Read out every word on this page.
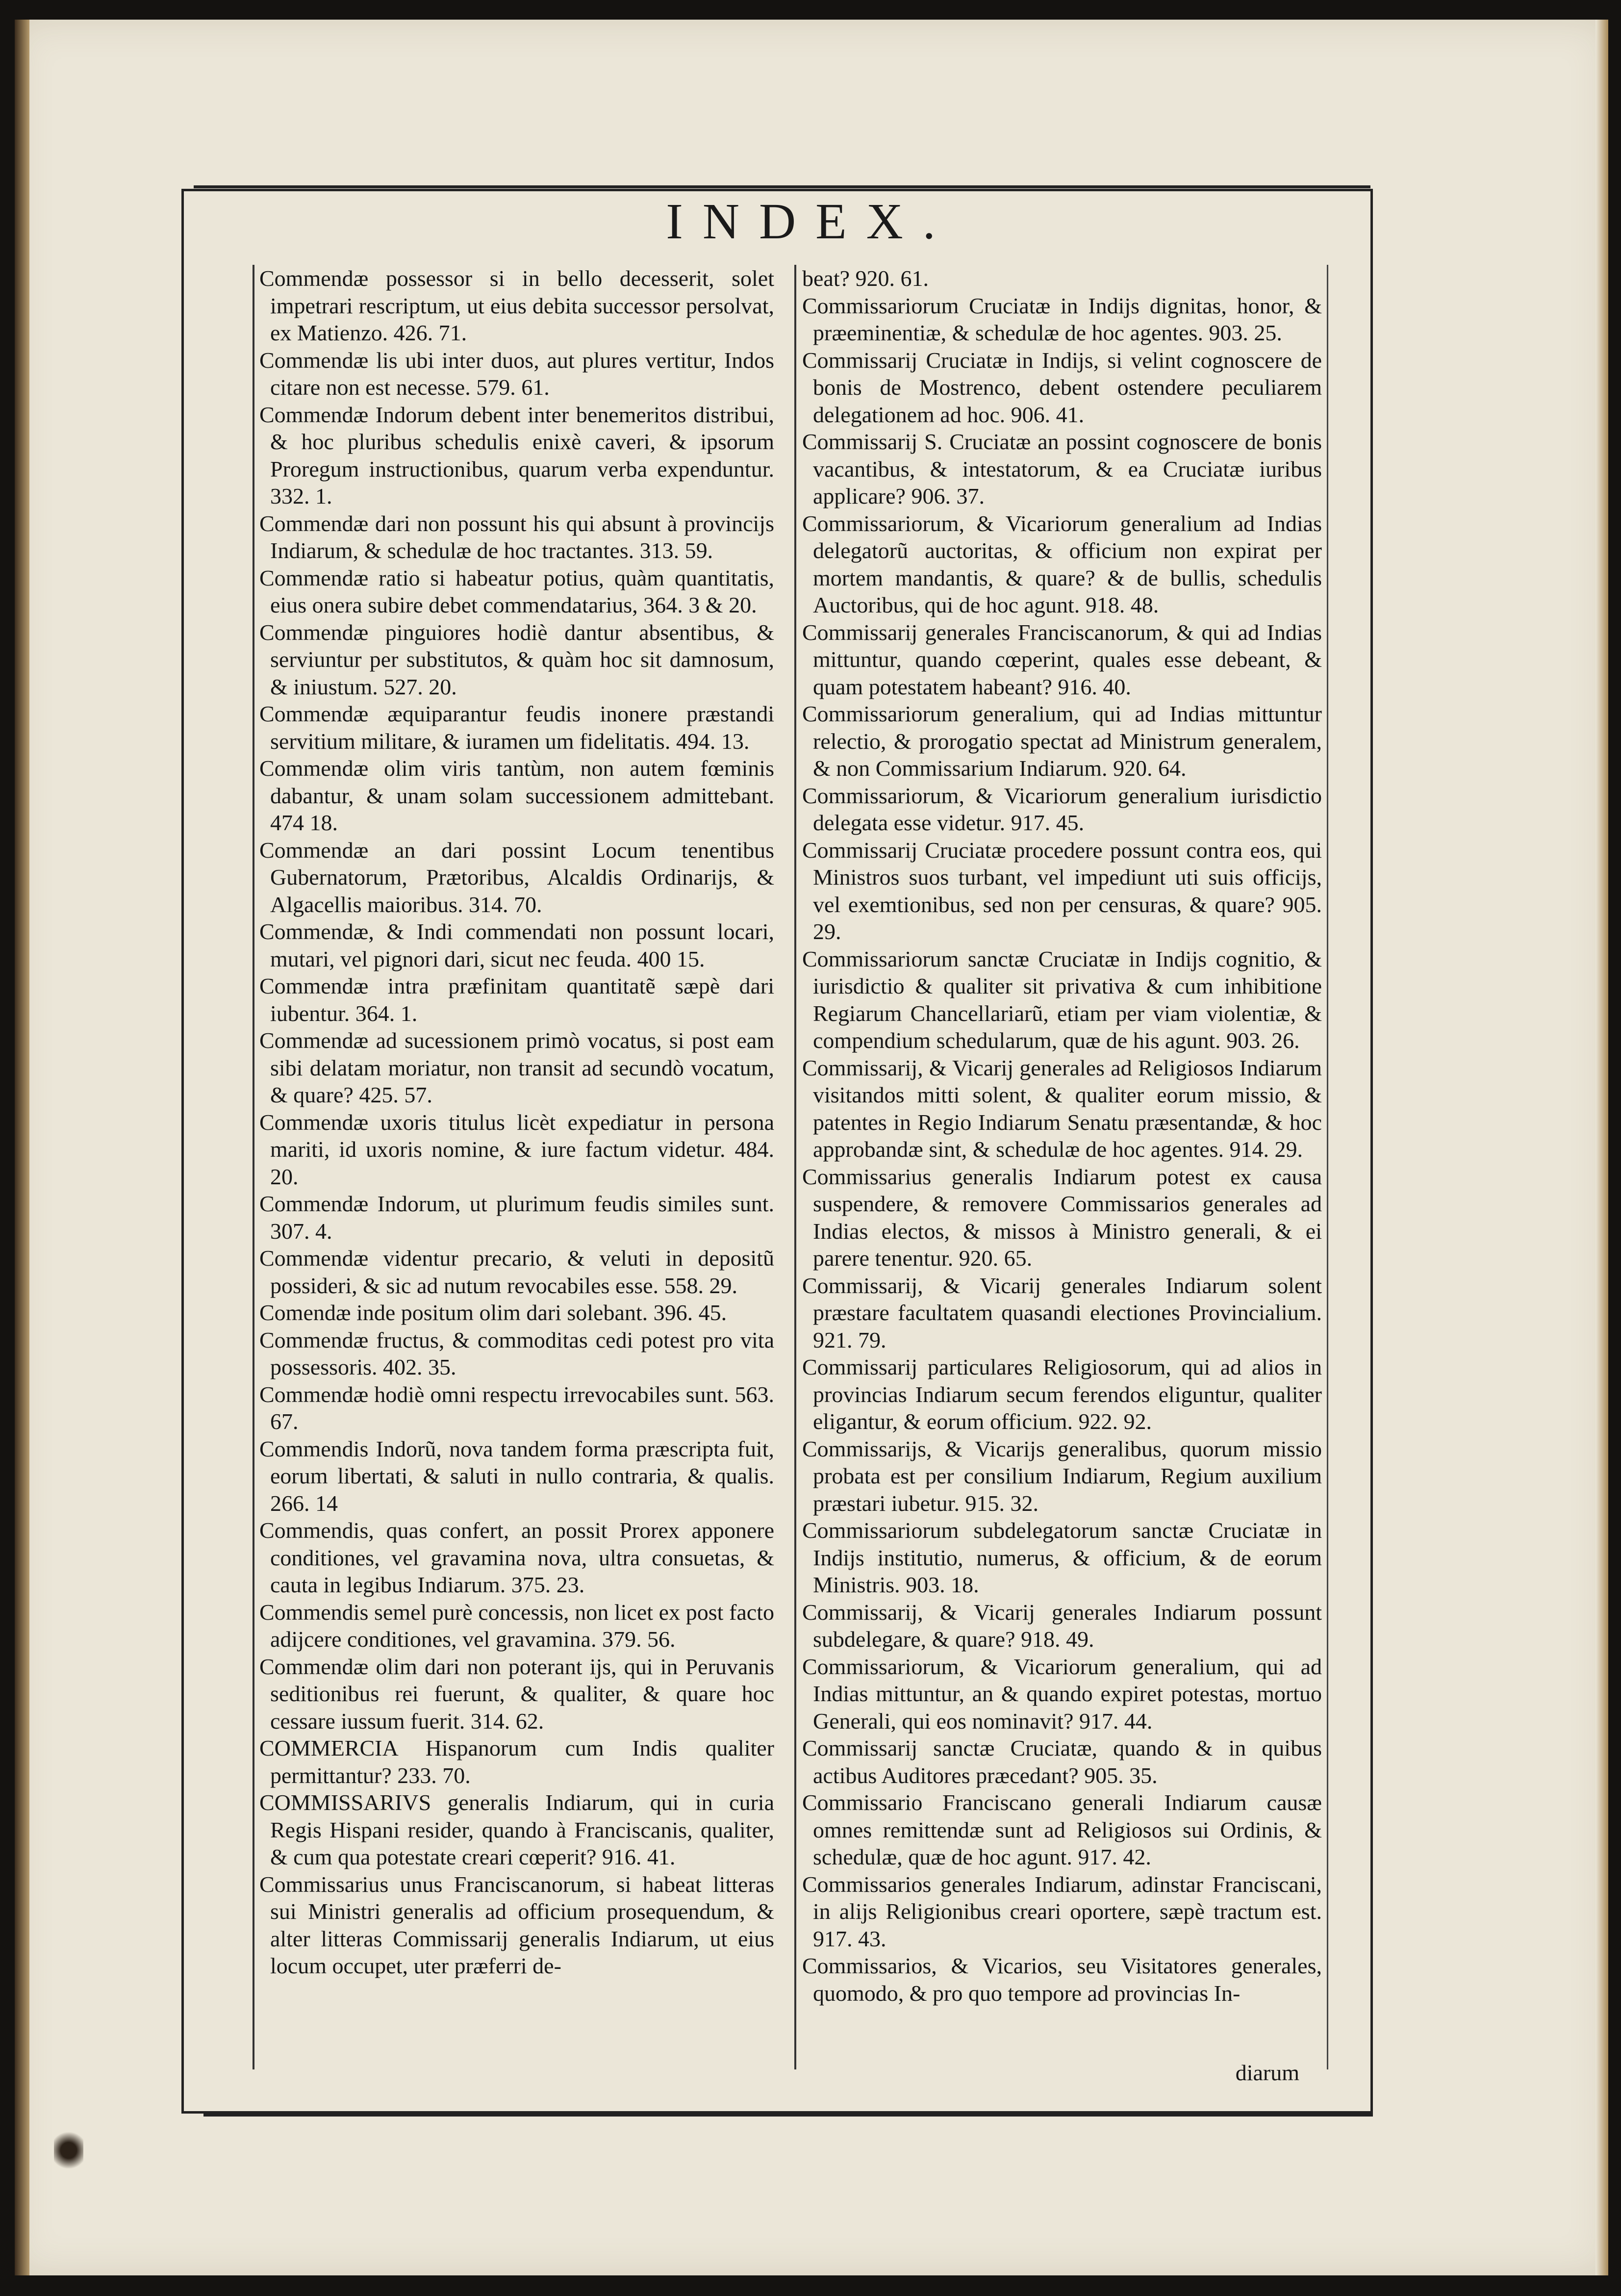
INDEX.

Commendæ possessor si in bello decesserit, solet impetrari rescriptum, ut eius debita successor persolvat, ex Matienzo. 426. 71.

Commendæ lis ubi inter duos, aut plures vertitur, Indos citare non est necesse. 579. 61.

Commendæ Indorum debent inter benemeritos distribui, & hoc pluribus schedulis enixè caveri, & ipsorum Proregum instructionibus, quarum verba expenduntur. 332. 1.

Commendæ dari non possunt his qui absunt à provincijs Indiarum, & schedulæ de hoc tractantes. 313. 59.

Commendæ ratio si habeatur potius, quàm quantitatis, eius onera subire debet commendatarius, 364. 3 & 20.

Commendæ pinguiores hodiè dantur absentibus, & serviuntur per substitutos, & quàm hoc sit damnosum, & iniustum. 527. 20.

Commendæ æquiparantur feudis inonere præstandi servitium militare, & iuramen um fidelitatis. 494. 13.

Commendæ olim viris tantùm, non autem fœminis dabantur, & unam solam successionem admittebant. 474 18.

Commendæ an dari possint Locum tenentibus Gubernatorum, Prætoribus, Alcaldis Ordinarijs, & Algacellis maioribus. 314. 70.

Commendæ, & Indi commendati non possunt locari, mutari, vel pignori dari, sicut nec feuda. 400 15.

Commendæ intra præfinitam quantitatẽ sæpè dari iubentur. 364. 1.

Commendæ ad sucessionem primò vocatus, si post eam sibi delatam moriatur, non transit ad secundò vocatum, & quare? 425. 57.

Commendæ uxoris titulus licèt expediatur in persona mariti, id uxoris nomine, & iure factum videtur. 484. 20.

Commendæ Indorum, ut plurimum feudis similes sunt. 307. 4.

Commendæ videntur precario, & veluti in depositũ possideri, & sic ad nutum revocabiles esse. 558. 29.

Comendæ inde positum olim dari solebant. 396. 45.

Commendæ fructus, & commoditas cedi potest pro vita possessoris. 402. 35.

Commendæ hodiè omni respectu irrevocabiles sunt. 563. 67.

Commendis Indorũ, nova tandem forma præscripta fuit, eorum libertati, & saluti in nullo contraria, & qualis. 266. 14

Commendis, quas confert, an possit Prorex apponere conditiones, vel gravamina nova, ultra consuetas, & cauta in legibus Indiarum. 375. 23.

Commendis semel purè concessis, non licet ex post facto adijcere conditiones, vel gravamina. 379. 56.

Commendæ olim dari non poterant ijs, qui in Peruvanis seditionibus rei fuerunt, & qualiter, & quare hoc cessare iussum fuerit. 314. 62.

COMMERCIA Hispanorum cum Indis qualiter permittantur? 233. 70.

COMMISSARIVS generalis Indiarum, qui in curia Regis Hispani resider, quando à Franciscanis, qualiter, & cum qua potestate creari cœperit? 916. 41.

Commissarius unus Franciscanorum, si habeat litteras sui Ministri generalis ad officium prosequendum, & alter litteras Commissarij generalis Indiarum, ut eius locum occupet, uter præferri de-

beat? 920. 61.

Commissariorum Cruciatæ in Indijs dignitas, honor, & præeminentiæ, & schedulæ de hoc agentes. 903. 25.

Commissarij Cruciatæ in Indijs, si velint cognoscere de bonis de Mostrenco, debent ostendere peculiarem delegationem ad hoc. 906. 41.

Commissarij S. Cruciatæ an possint cognoscere de bonis vacantibus, & intestatorum, & ea Cruciatæ iuribus applicare? 906. 37.

Commissariorum, & Vicariorum generalium ad Indias delegatorũ auctoritas, & officium non expirat per mortem mandantis, & quare? & de bullis, schedulis Auctoribus, qui de hoc agunt. 918. 48.

Commissarij generales Franciscanorum, & qui ad Indias mittuntur, quando cœperint, quales esse debeant, & quam potestatem habeant? 916. 40.

Commissariorum generalium, qui ad Indias mittuntur relectio, & prorogatio spectat ad Ministrum generalem, & non Commissarium Indiarum. 920. 64.

Commissariorum, & Vicariorum generalium iurisdictio delegata esse videtur. 917. 45.

Commissarij Cruciatæ procedere possunt contra eos, qui Ministros suos turbant, vel impediunt uti suis officijs, vel exemtionibus, sed non per censuras, & quare? 905. 29.

Commissariorum sanctæ Cruciatæ in Indijs cognitio, & iurisdictio & qualiter sit privativa & cum inhibitione Regiarum Chancellariarũ, etiam per viam violentiæ, & compendium schedularum, quæ de his agunt. 903. 26.

Commissarij, & Vicarij generales ad Religiosos Indiarum visitandos mitti solent, & qualiter eorum missio, & patentes in Regio Indiarum Senatu præsentandæ, & hoc approbandæ sint, & schedulæ de hoc agentes. 914. 29.

Commissarius generalis Indiarum potest ex causa suspendere, & removere Commissarios generales ad Indias electos, & missos à Ministro generali, & ei parere tenentur. 920. 65.

Commissarij, & Vicarij generales Indiarum solent præstare facultatem quasandi electiones Provincialium. 921. 79.

Commissarij particulares Religiosorum, qui ad alios in provincias Indiarum secum ferendos eliguntur, qualiter eligantur, & eorum officium. 922. 92.

Commissarijs, & Vicarijs generalibus, quorum missio probata est per consilium Indiarum, Regium auxilium præstari iubetur. 915. 32.

Commissariorum subdelegatorum sanctæ Cruciatæ in Indijs institutio, numerus, & officium, & de eorum Ministris. 903. 18.

Commissarij, & Vicarij generales Indiarum possunt subdelegare, & quare? 918. 49.

Commissariorum, & Vicariorum generalium, qui ad Indias mittuntur, an & quando expiret potestas, mortuo Generali, qui eos nominavit? 917. 44.

Commissarij sanctæ Cruciatæ, quando & in quibus actibus Auditores præcedant? 905. 35.

Commissario Franciscano generali Indiarum causæ omnes remittendæ sunt ad Religiosos sui Ordinis, & schedulæ, quæ de hoc agunt. 917. 42.

Commissarios generales Indiarum, adinstar Franciscani, in alijs Religionibus creari oportere, sæpè tractum est. 917. 43.

Commissarios, & Vicarios, seu Visitatores generales, quomodo, & pro quo tempore ad provincias In-

diarum
